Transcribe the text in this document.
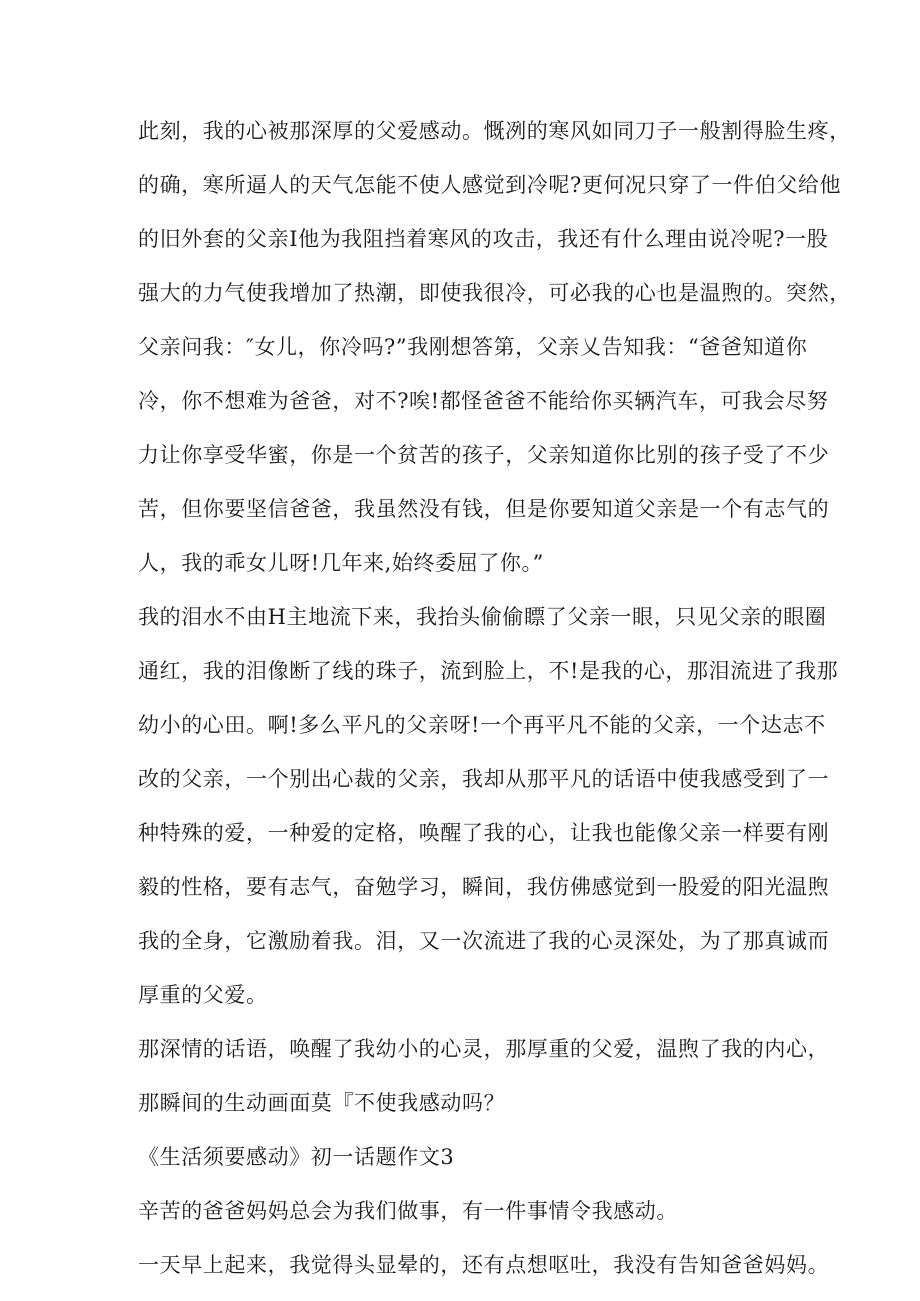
此刻，我的心被那深厚的父爱感动。慨冽的寒风如同刀子一般割得脸生疼，
的确，寒所逼人的天气怎能不使人感觉到冷呢?更何况只穿了一件伯父给他
的旧外套的父亲I他为我阻挡着寒风的攻击，我还有什么理由说冷呢?一股
强大的力气使我增加了热潮，即使我很冷，可必我的心也是温煦的。突然，
父亲问我：″女儿，你冷吗?”我刚想答第，父亲乂告知我：“爸爸知道你
冷，你不想难为爸爸，对不?唉!都怪爸爸不能给你买辆汽车，可我会尽努
力让你享受华蜜，你是一个贫苦的孩子，父亲知道你比别的孩子受了不少
苦，但你要坚信爸爸，我虽然没有钱，但是你要知道父亲是一个有志气的
人，我的乖女儿呀!几年来,始终委屈了你。”
我的泪水不由H主地流下来，我抬头偷偷瞟了父亲一眼，只见父亲的眼圈
通红，我的泪像断了线的珠子，流到脸上，不!是我的心，那泪流进了我那
幼小的心田。啊!多么平凡的父亲呀!一个再平凡不能的父亲，一个达志不
改的父亲，一个别出心裁的父亲，我却从那平凡的话语中使我感受到了一
种特殊的爱，一种爱的定格，唤醒了我的心，让我也能像父亲一样要有刚
毅的性格，要有志气，奋勉学习，瞬间，我仿佛感觉到一股爱的阳光温煦
我的全身，它激励着我。泪，又一次流进了我的心灵深处，为了那真诚而
厚重的父爱。
那深情的话语，唤醒了我幼小的心灵，那厚重的父爱，温煦了我的内心，
那瞬间的生动画面莫『不使我感动吗？
《生活须要感动》初一话题作文3
辛苦的爸爸妈妈总会为我们做事，有一件事情令我感动。
一天早上起来，我觉得头显晕的，还有点想呕吐，我没有告知爸爸妈妈。
